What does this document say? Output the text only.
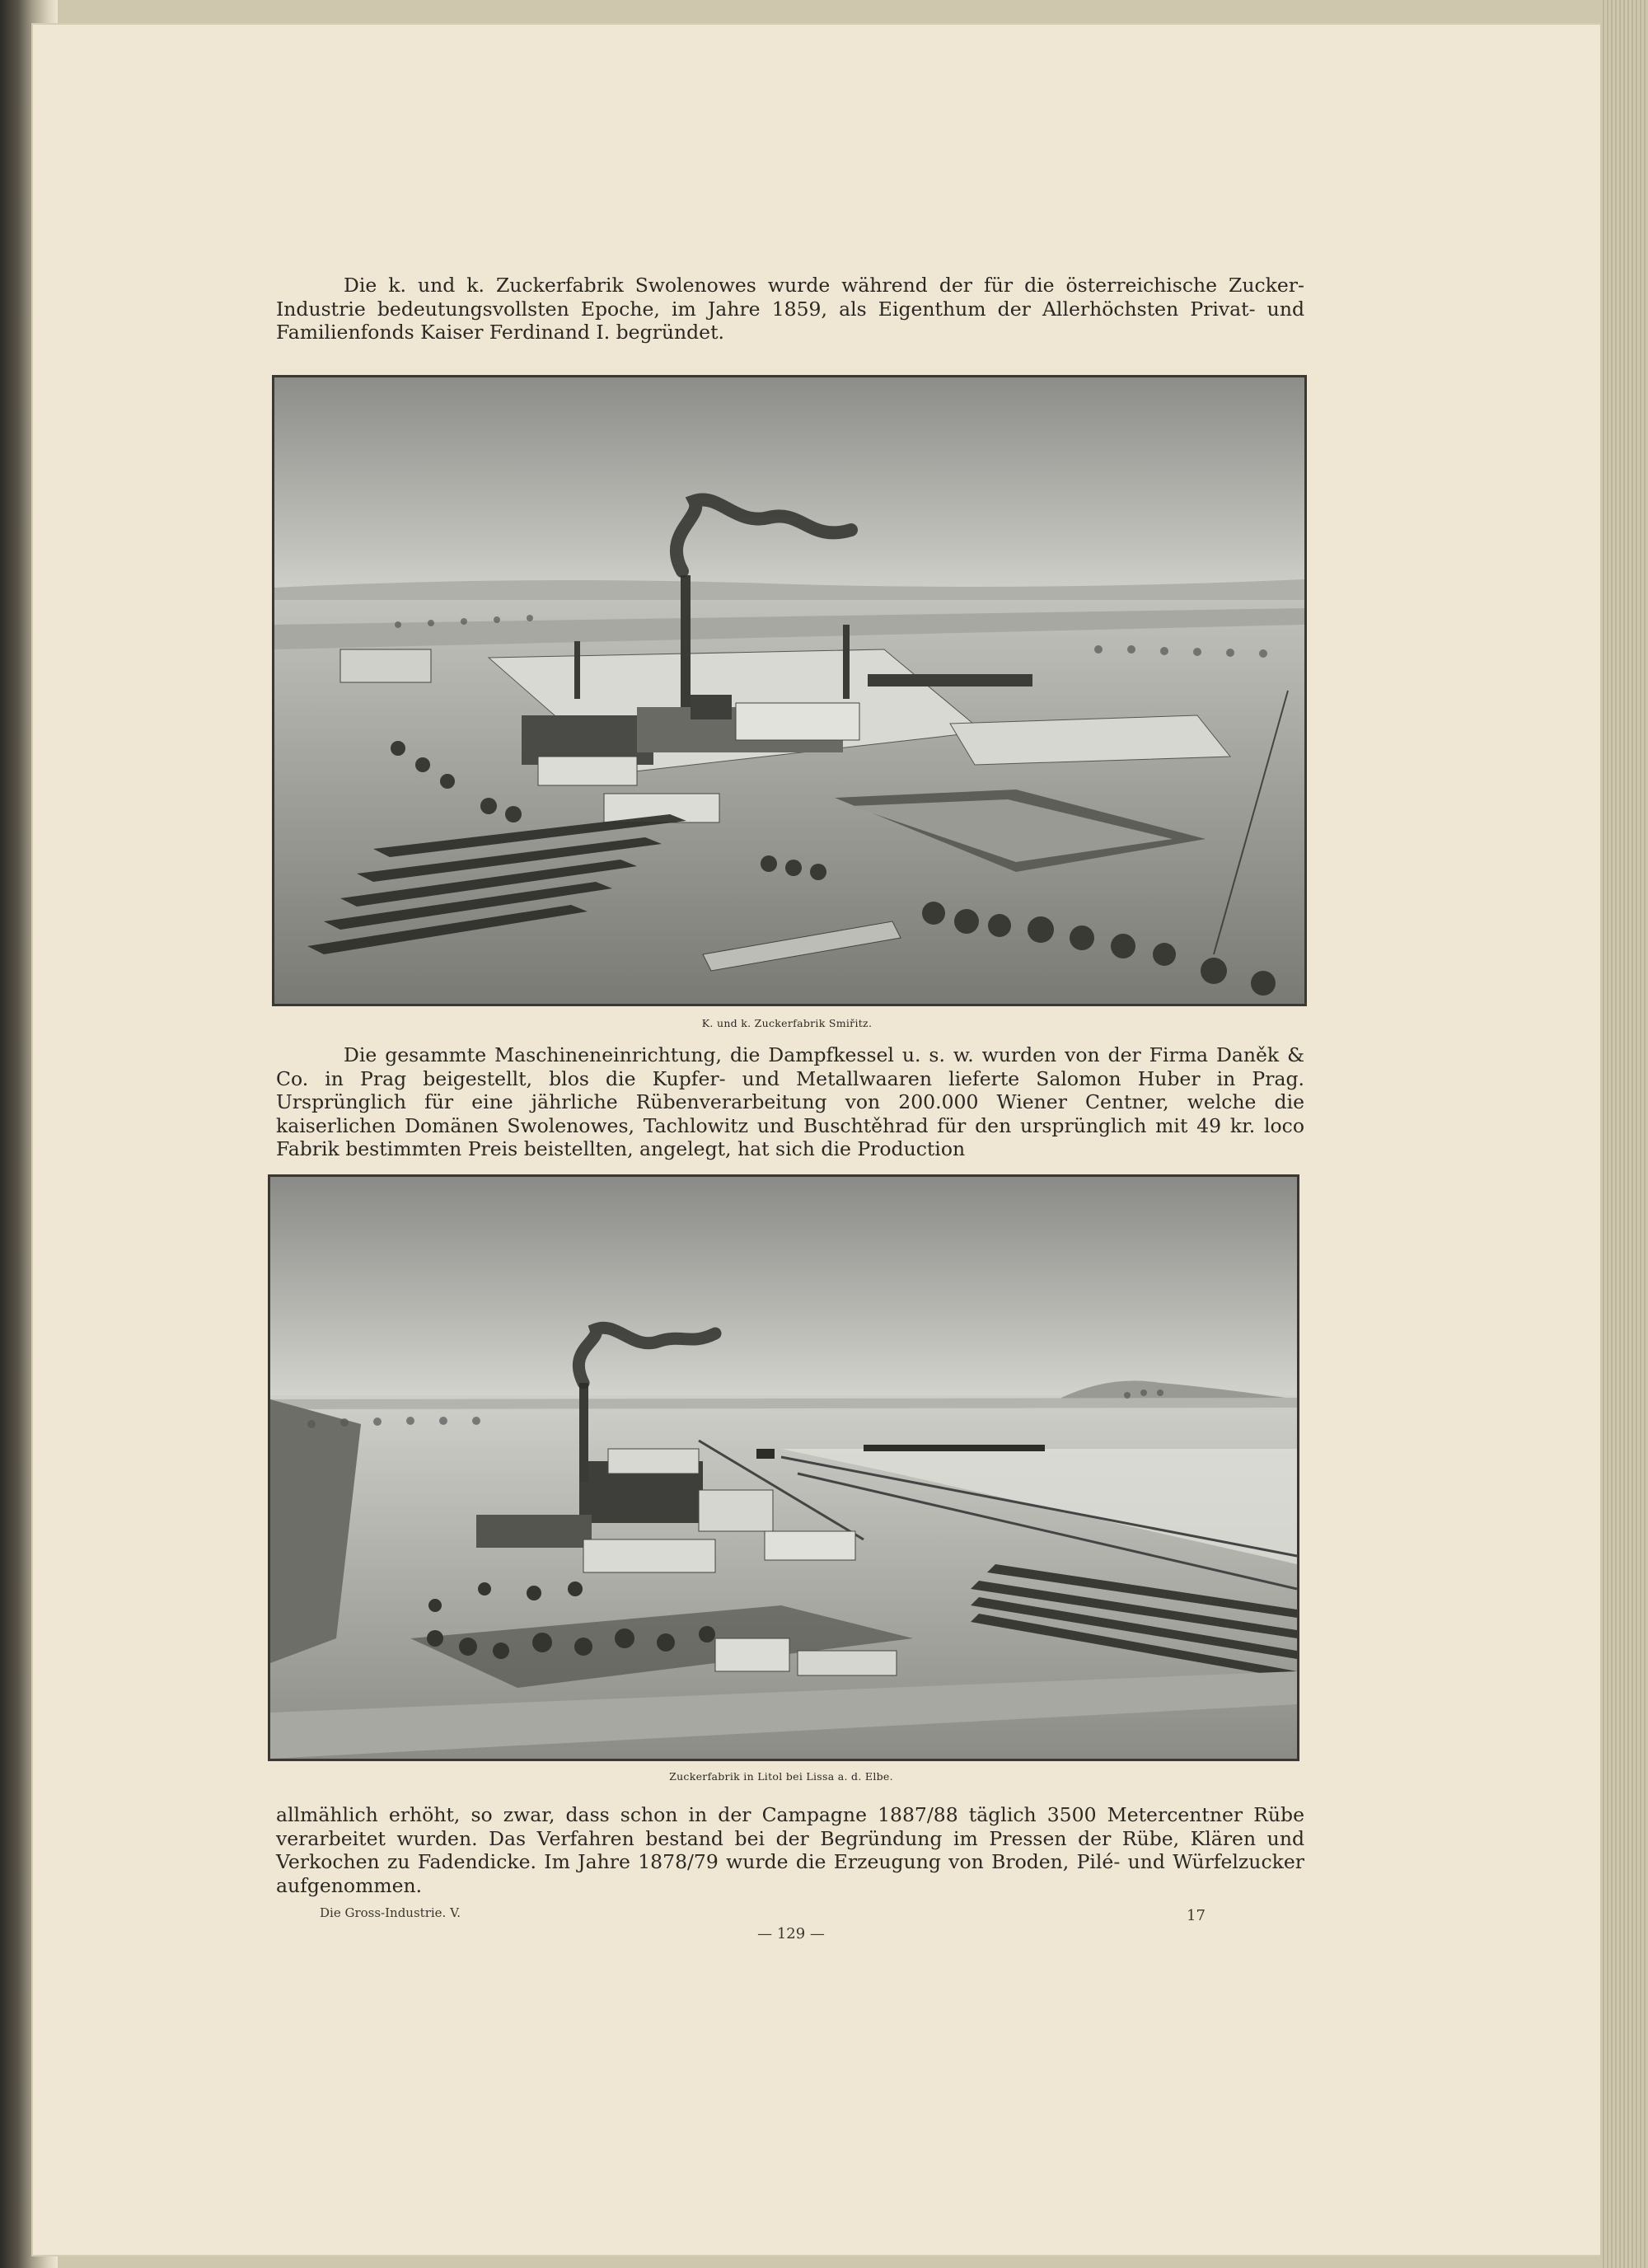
Die k. und k. Zuckerfabrik Swolenowes wurde während der für die österreichische Zucker-Industrie bedeutungsvollsten Epoche, im Jahre 1859, als Eigenthum der Allerhöchsten Privat- und Familienfonds Kaiser Ferdinand I. begründet.

K. und k. Zuckerfabrik Smiřitz.

Die gesammte Maschineneinrichtung, die Dampfkessel u. s. w. wurden von der Firma Daněk & Co. in Prag beigestellt, blos die Kupfer- und Metallwaaren lieferte Salomon Huber in Prag. Ursprünglich für eine jährliche Rübenverarbeitung von 200.000 Wiener Centner, welche die kaiserlichen Domänen Swolenowes, Tachlowitz und Buschtěhrad für den ursprünglich mit 49 kr. loco Fabrik bestimmten Preis beistellten, angelegt, hat sich die Production

Zuckerfabrik in Litol bei Lissa a. d. Elbe.

allmählich erhöht, so zwar, dass schon in der Campagne 1887/88 täglich 3500 Metercentner Rübe verarbeitet wurden. Das Verfahren bestand bei der Begründung im Pressen der Rübe, Klären und Verkochen zu Fadendicke. Im Jahre 1878/79 wurde die Erzeugung von Broden, Pilé- und Würfelzucker aufgenommen.

Die Gross-Industrie. V.
— 129 —
17
